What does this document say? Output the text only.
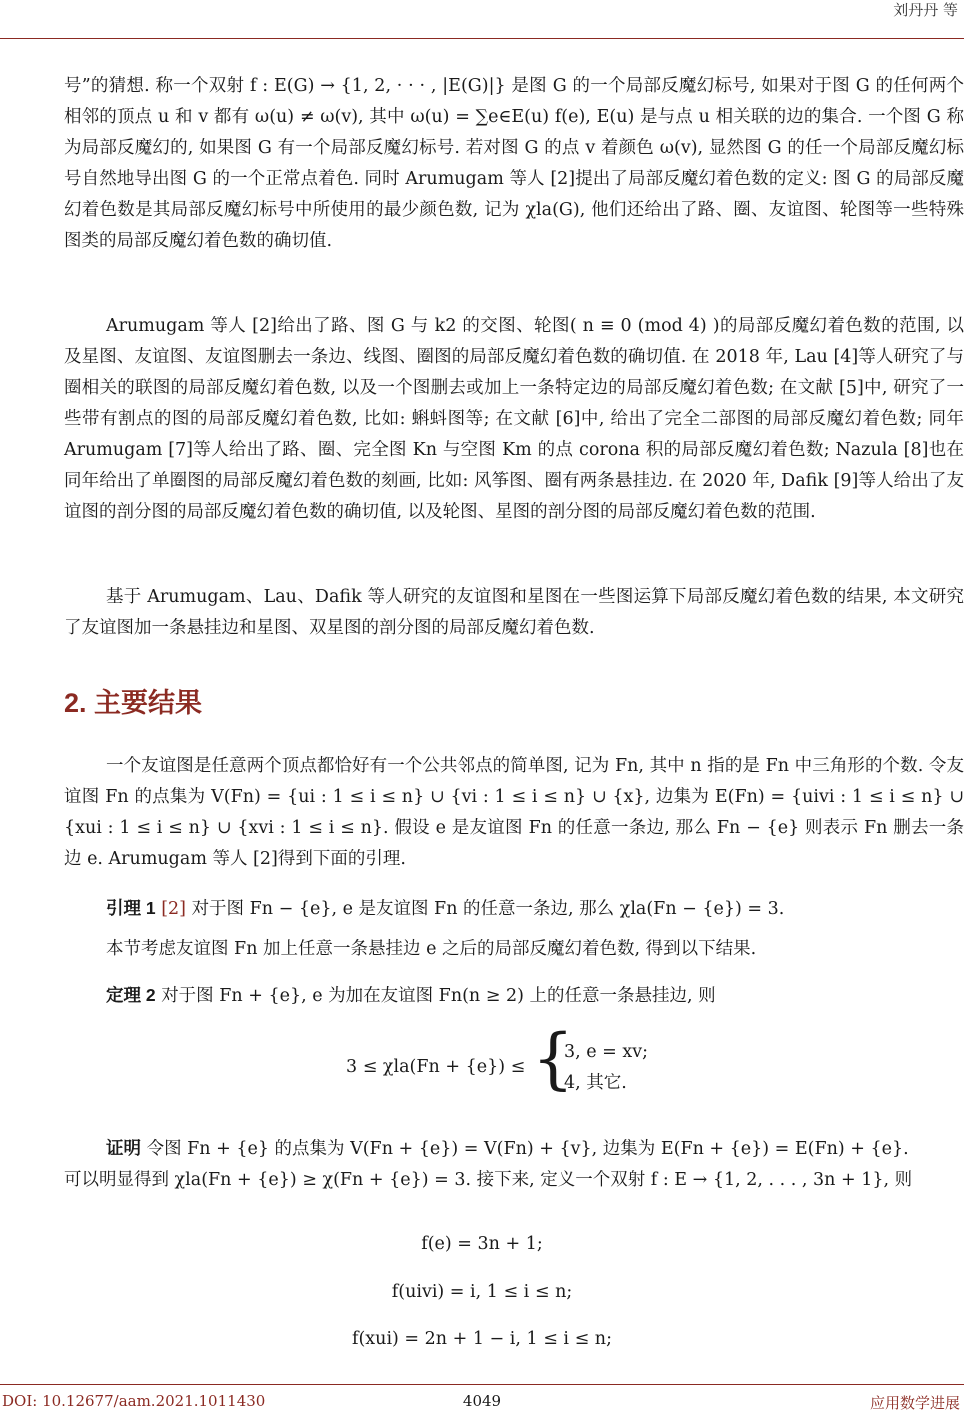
刘丹丹 等

号”的猜想. 称一个双射 f : E(G) → {1, 2, · · · , |E(G)|} 是图 G 的一个局部反魔幻标号, 如果对于图 G 的任何两个相邻的顶点 u 和 v 都有 ω(u) ≠ ω(v), 其中 ω(u) = ∑e∈E(u) f(e), E(u) 是与点 u 相关联的边的集合. 一个图 G 称为局部反魔幻的, 如果图 G 有一个局部反魔幻标号. 若对图 G 的点 v 着颜色 ω(v), 显然图 G 的任一个局部反魔幻标号自然地导出图 G 的一个正常点着色. 同时 Arumugam 等人 [2]提出了局部反魔幻着色数的定义: 图 G 的局部反魔幻着色数是其局部反魔幻标号中所使用的最少颜色数, 记为 χla(G), 他们还给出了路、圈、友谊图、轮图等一些特殊图类的局部反魔幻着色数的确切值.

Arumugam 等人 [2]给出了路、图 G 与 k2 的交图、轮图( n ≡ 0 (mod 4) )的局部反魔幻着色数的范围, 以及星图、友谊图、友谊图删去一条边、线图、圈图的局部反魔幻着色数的确切值. 在 2018 年, Lau [4]等人研究了与圈相关的联图的局部反魔幻着色数, 以及一个图删去或加上一条特定边的局部反魔幻着色数; 在文献 [5]中, 研究了一些带有割点的图的局部反魔幻着色数, 比如: 蝌蚪图等; 在文献 [6]中, 给出了完全二部图的局部反魔幻着色数; 同年 Arumugam [7]等人给出了路、圈、完全图 Kn 与空图 Km 的点 corona 积的局部反魔幻着色数; Nazula [8]也在同年给出了单圈图的局部反魔幻着色数的刻画, 比如: 风筝图、圈有两条悬挂边. 在 2020 年, Dafik [9]等人给出了友谊图的剖分图的局部反魔幻着色数的确切值, 以及轮图、星图的剖分图的局部反魔幻着色数的范围.

基于 Arumugam、Lau、Dafik 等人研究的友谊图和星图在一些图运算下局部反魔幻着色数的结果, 本文研究了友谊图加一条悬挂边和星图、双星图的剖分图的局部反魔幻着色数.

2. 主要结果

一个友谊图是任意两个顶点都恰好有一个公共邻点的简单图, 记为 Fn, 其中 n 指的是 Fn 中三角形的个数. 令友谊图 Fn 的点集为 V(Fn) = {ui : 1 ≤ i ≤ n} ∪ {vi : 1 ≤ i ≤ n} ∪ {x}, 边集为 E(Fn) = {uivi : 1 ≤ i ≤ n} ∪ {xui : 1 ≤ i ≤ n} ∪ {xvi : 1 ≤ i ≤ n}. 假设 e 是友谊图 Fn 的任意一条边, 那么 Fn − {e} 则表示 Fn 删去一条边 e. Arumugam 等人 [2]得到下面的引理.

引理 1 [2] 对于图 Fn − {e}, e 是友谊图 Fn 的任意一条边, 那么 χla(Fn − {e}) = 3.

本节考虑友谊图 Fn 加上任意一条悬挂边 e 之后的局部反魔幻着色数, 得到以下结果.

定理 2 对于图 Fn + {e}, e 为加在友谊图 Fn(n ≥ 2) 上的任意一条悬挂边, 则

3 ≤ χla(Fn + {e}) ≤ {
3, e = xv;
4, 其它.

证明 令图 Fn + {e} 的点集为 V(Fn + {e}) = V(Fn) + {v}, 边集为 E(Fn + {e}) = E(Fn) + {e}.

可以明显得到 χla(Fn + {e}) ≥ χ(Fn + {e}) = 3. 接下来, 定义一个双射 f : E → {1, 2, . . . , 3n + 1}, 则

f(e) = 3n + 1;
f(uivi) = i, 1 ≤ i ≤ n;
f(xui) = 2n + 1 − i, 1 ≤ i ≤ n;
DOI: 10.12677/aam.2021.1011430	4049	应用数学进展
